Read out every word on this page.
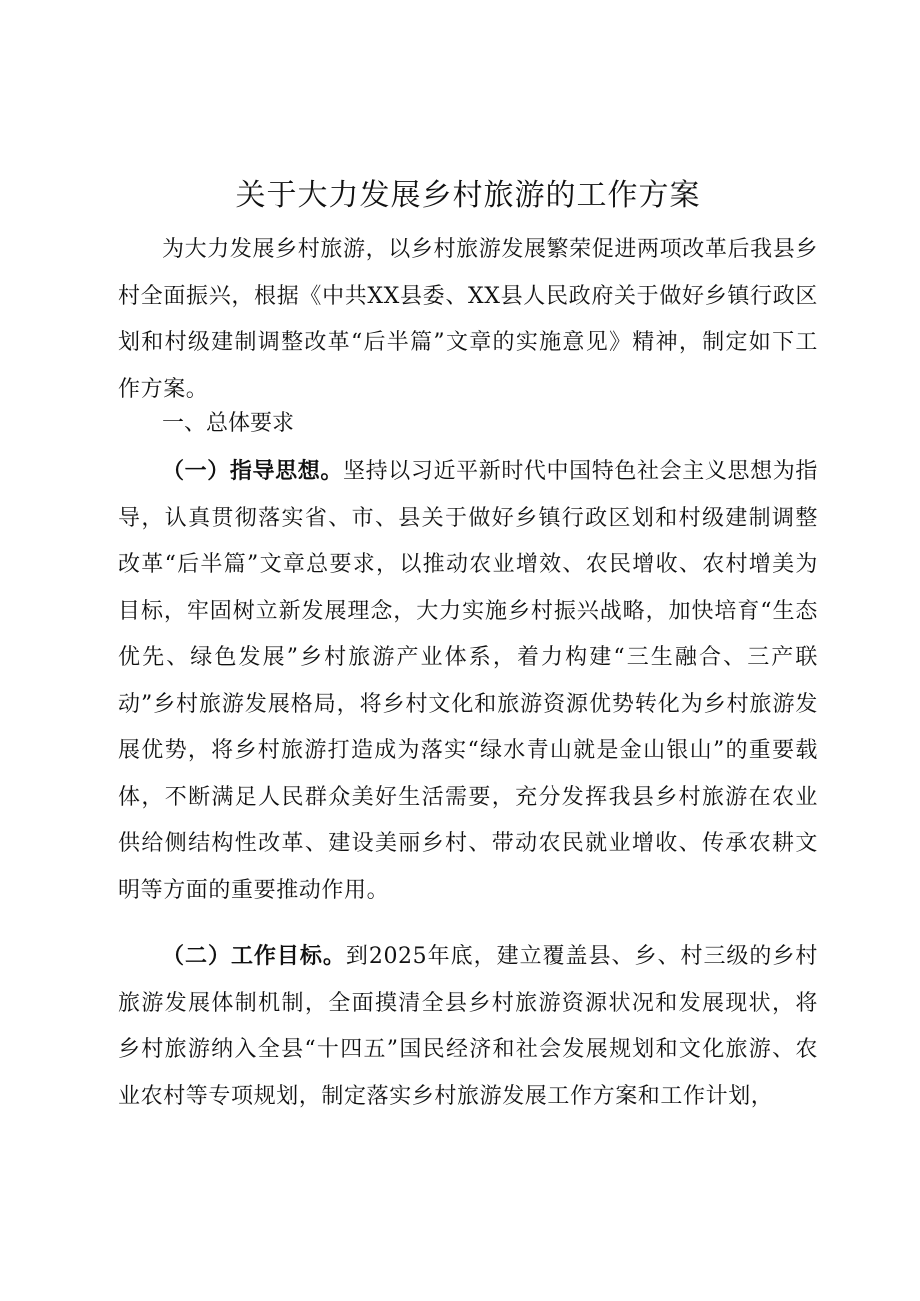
关于大力发展乡村旅游的工作方案

为大力发展乡村旅游，以乡村旅游发展繁荣促进两项改革后我县乡村全面振兴，根据《中共XX县委、XX县人民政府关于做好乡镇行政区划和村级建制调整改革“后半篇”文章的实施意见》精神，制定如下工作方案。

一、总体要求

（一）指导思想。坚持以习近平新时代中国特色社会主义思想为指导，认真贯彻落实省、市、县关于做好乡镇行政区划和村级建制调整改革“后半篇”文章总要求，以推动农业增效、农民增收、农村增美为目标，牢固树立新发展理念，大力实施乡村振兴战略，加快培育“生态优先、绿色发展”乡村旅游产业体系，着力构建“三生融合、三产联动”乡村旅游发展格局，将乡村文化和旅游资源优势转化为乡村旅游发展优势，将乡村旅游打造成为落实“绿水青山就是金山银山”的重要载体，不断满足人民群众美好生活需要，充分发挥我县乡村旅游在农业供给侧结构性改革、建设美丽乡村、带动农民就业增收、传承农耕文明等方面的重要推动作用。

（二）工作目标。到2025年底，建立覆盖县、乡、村三级的乡村旅游发展体制机制，全面摸清全县乡村旅游资源状况和发展现状，将乡村旅游纳入全县“十四五”国民经济和社会发展规划和文化旅游、农业农村等专项规划，制定落实乡村旅游发展工作方案和工作计划，
